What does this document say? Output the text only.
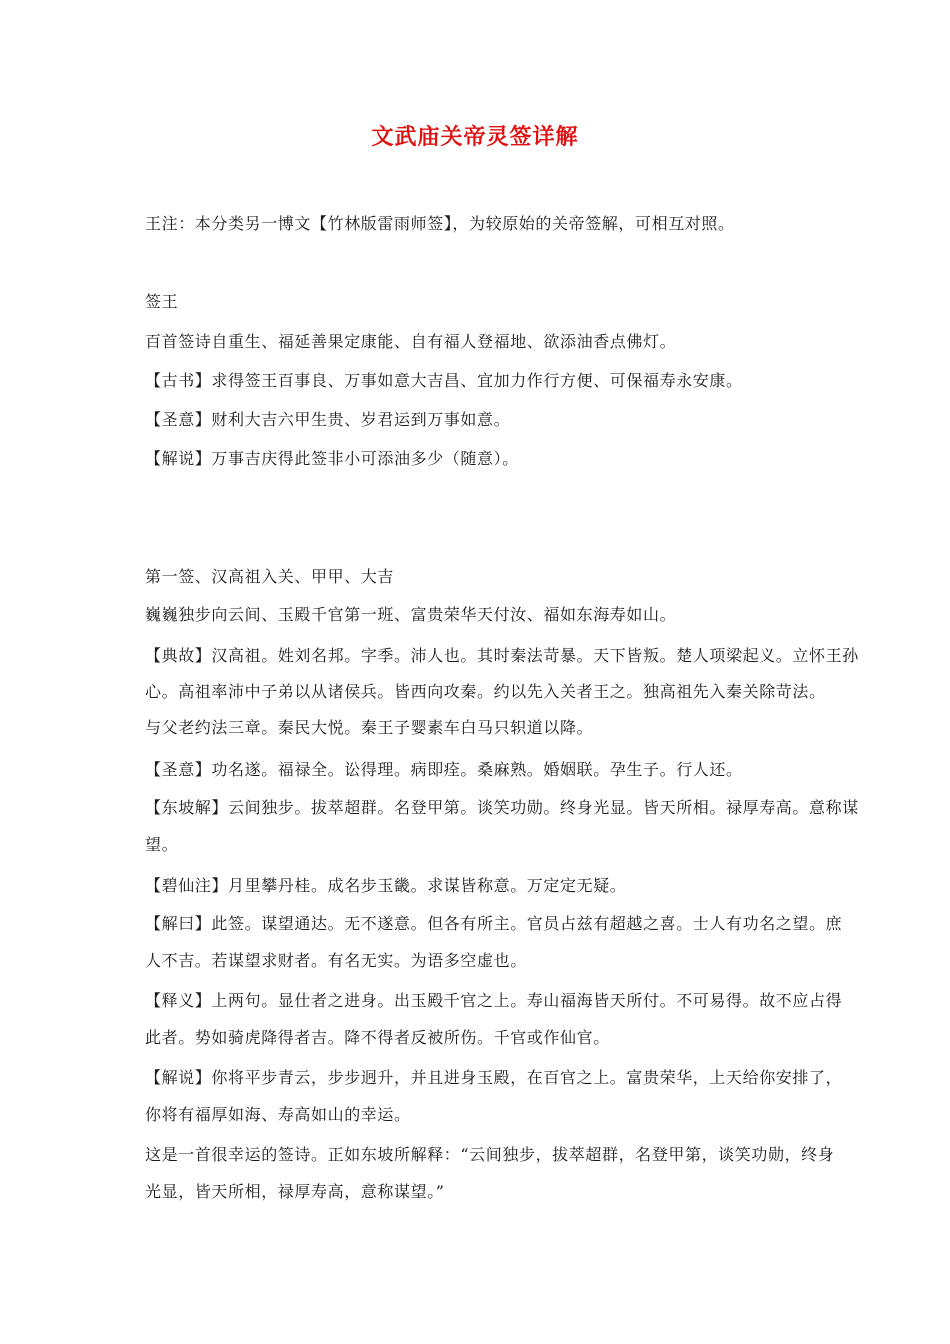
文武庙关帝灵签详解
王注：本分类另一博文【竹林版雷雨师签】，为较原始的关帝签解，可相互对照。
签王
百首签诗自重生、福延善果定康能、自有福人登福地、欲添油香点佛灯。
【古书】求得签王百事良、万事如意大吉昌、宜加力作行方便、可保福寿永安康。
【圣意】财利大吉六甲生贵、岁君运到万事如意。
【解说】万事吉庆得此签非小可添油多少（随意）。
第一签、汉高祖入关、甲甲、大吉
巍巍独步向云间、玉殿千官第一班、富贵荣华天付汝、福如东海寿如山。
【典故】汉高祖。姓刘名邦。字季。沛人也。其时秦法苛暴。天下皆叛。楚人项梁起义。立怀王孙
心。高祖率沛中子弟以从诸侯兵。皆西向攻秦。约以先入关者王之。独高祖先入秦关除苛法。
与父老约法三章。秦民大悦。秦王子婴素车白马只轵道以降。
【圣意】功名遂。福禄全。讼得理。病即痊。桑麻熟。婚姻联。孕生子。行人还。
【东坡解】云间独步。拔萃超群。名登甲第。谈笑功勋。终身光显。皆天所相。禄厚寿高。意称谋
望。
【碧仙注】月里攀丹桂。成名步玉畿。求谋皆称意。万定定无疑。
【解曰】此签。谋望通达。无不遂意。但各有所主。官员占兹有超越之喜。士人有功名之望。庶
人不吉。若谋望求财者。有名无实。为语多空虚也。
【释义】上两句。显仕者之进身。出玉殿千官之上。寿山福海皆天所付。不可易得。故不应占得
此者。势如骑虎降得者吉。降不得者反被所伤。千官或作仙官。
【解说】你将平步青云，步步迥升，并且进身玉殿，在百官之上。富贵荣华，上天给你安排了，
你将有福厚如海、寿高如山的幸运。
这是一首很幸运的签诗。正如东坡所解释：“云间独步，拔萃超群，名登甲第，谈笑功勋，终身
光显，皆天所相，禄厚寿高，意称谋望。”
